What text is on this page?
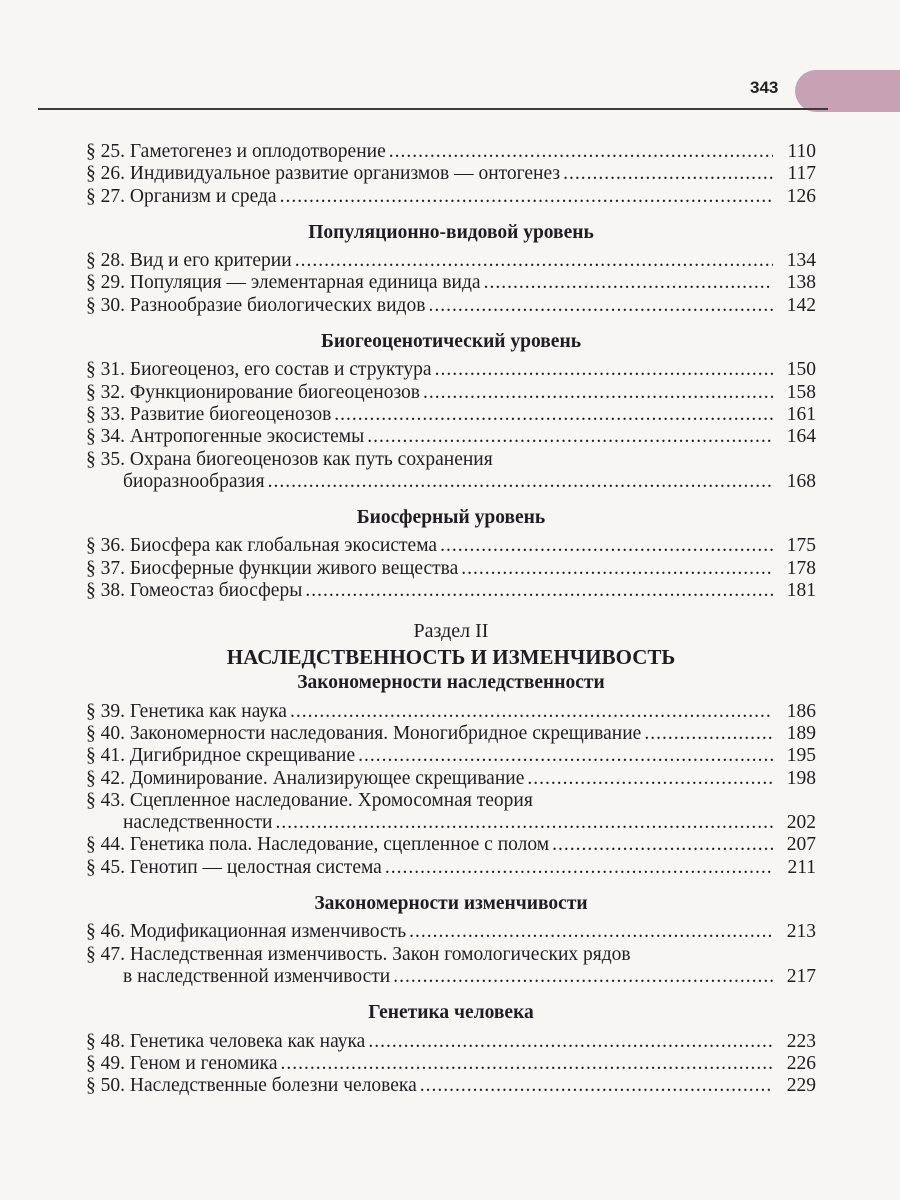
343
§ 25. Гаметогенез и оплодотворение .....	110
§ 26. Индивидуальное развитие организмов — онтогенез .....	117
§ 27. Организм и среда .....	126
Популяционно-видовой уровень
§ 28. Вид и его критерии .....	134
§ 29. Популяция — элементарная единица вида .....	138
§ 30. Разнообразие биологических видов .....	142
Биогеоценотический уровень
§ 31. Биогеоценоз, его состав и структура .....	150
§ 32. Функционирование биогеоценозов .....	158
§ 33. Развитие биогеоценозов .....	161
§ 34. Антропогенные экосистемы .....	164
§ 35. Охрана биогеоценозов как путь сохранения
биоразнообразия .....	168
Биосферный уровень
§ 36. Биосфера как глобальная экосистема .....	175
§ 37. Биосферные функции живого вещества .....	178
§ 38. Гомеостаз биосферы .....	181
Раздел II
НАСЛЕДСТВЕННОСТЬ И ИЗМЕНЧИВОСТЬ
Закономерности наследственности
§ 39. Генетика как наука .....	186
§ 40. Закономерности наследования. Моногибридное скрещивание .....	189
§ 41. Дигибридное скрещивание .....	195
§ 42. Доминирование. Анализирующее скрещивание .....	198
§ 43. Сцепленное наследование. Хромосомная теория
наследственности .....	202
§ 44. Генетика пола. Наследование, сцепленное с полом .....	207
§ 45. Генотип — целостная система .....	211
Закономерности изменчивости
§ 46. Модификационная изменчивость .....	213
§ 47. Наследственная изменчивость. Закон гомологических рядов
в наследственной изменчивости .....	217
Генетика человека
§ 48. Генетика человека как наука .....	223
§ 49. Геном и геномика .....	226
§ 50. Наследственные болезни человека .....	229
